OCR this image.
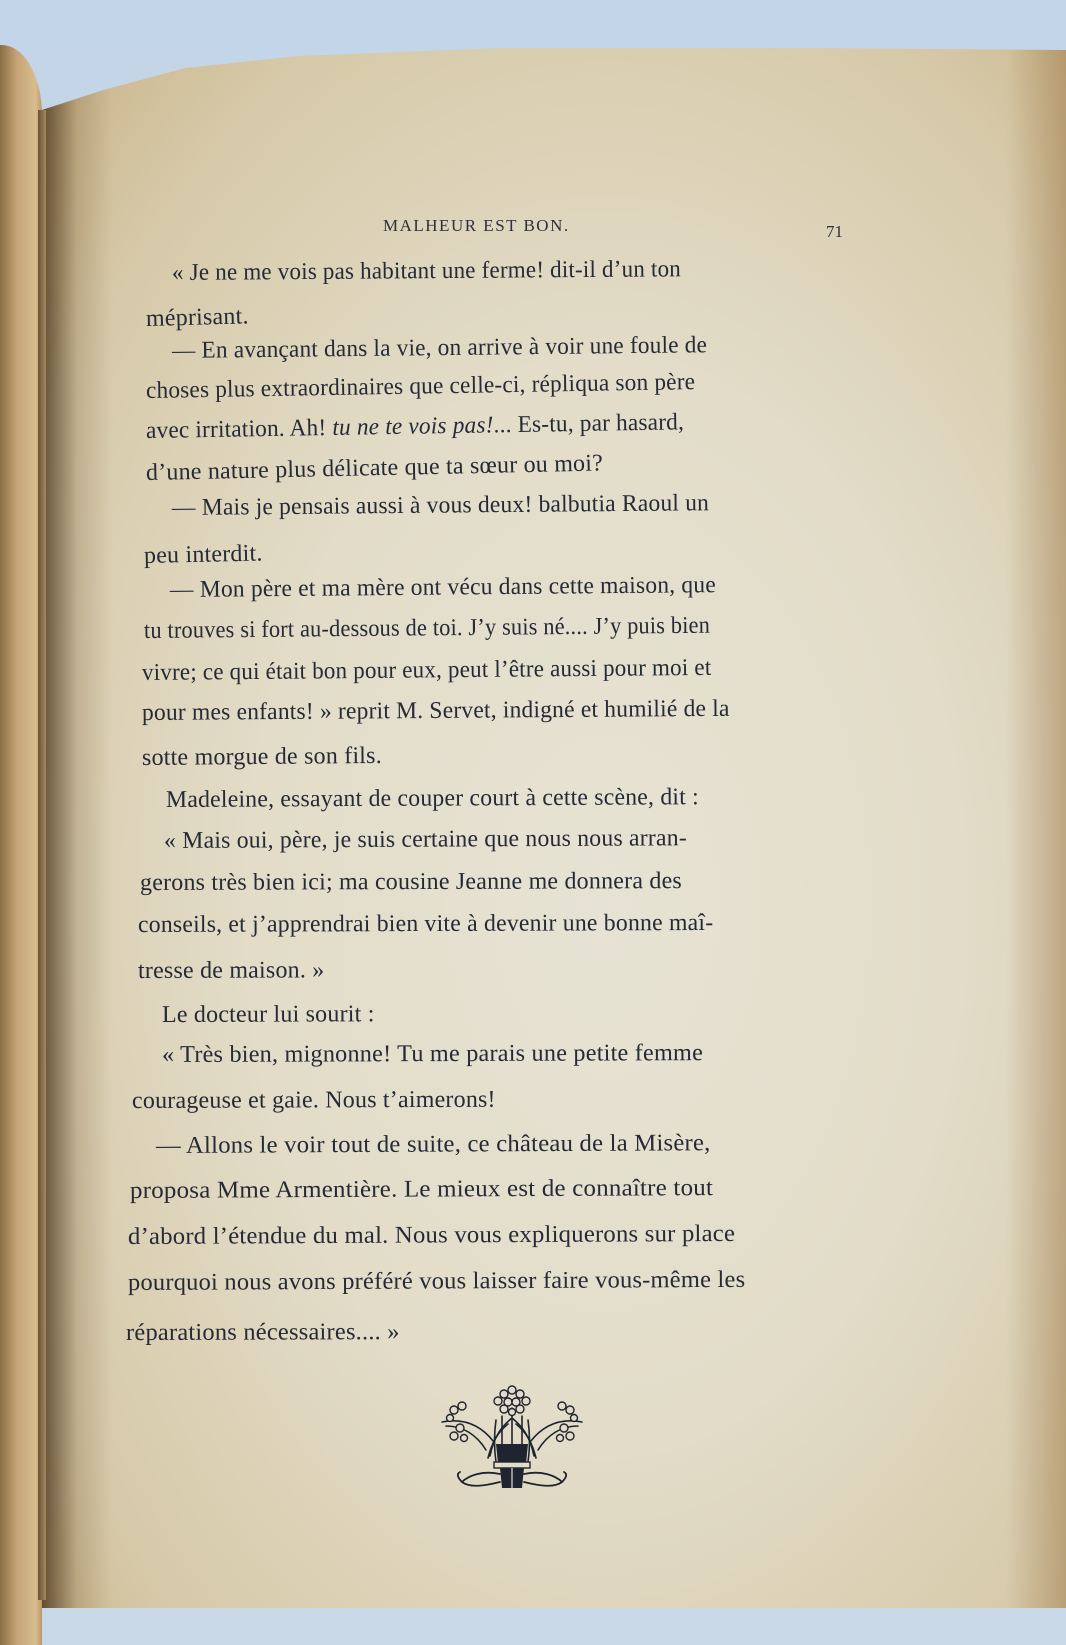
MALHEUR EST BON.	71
« Je ne me vois pas habitant une ferme! dit-il d’un ton
méprisant.
— En avançant dans la vie, on arrive à voir une foule de
choses plus extraordinaires que celle-ci, répliqua son père
avec irritation. Ah! tu ne te vois pas!... Es-tu, par hasard,
d’une nature plus délicate que ta sœur ou moi?
— Mais je pensais aussi à vous deux! balbutia Raoul un
peu interdit.
— Mon père et ma mère ont vécu dans cette maison, que
tu trouves si fort au-dessous de toi. J’y suis né.... J’y puis bien
vivre; ce qui était bon pour eux, peut l’être aussi pour moi et
pour mes enfants! » reprit M. Servet, indigné et humilié de la
sotte morgue de son fils.
Madeleine, essayant de couper court à cette scène, dit :
« Mais oui, père, je suis certaine que nous nous arran-
gerons très bien ici; ma cousine Jeanne me donnera des
conseils, et j’apprendrai bien vite à devenir une bonne maî-
tresse de maison. »
Le docteur lui sourit :
« Très bien, mignonne! Tu me parais une petite femme
courageuse et gaie. Nous t’aimerons!
— Allons le voir tout de suite, ce château de la Misère,
proposa Mme Armentière. Le mieux est de connaître tout
d’abord l’étendue du mal. Nous vous expliquerons sur place
pourquoi nous avons préféré vous laisser faire vous-même les
réparations nécessaires.... »
